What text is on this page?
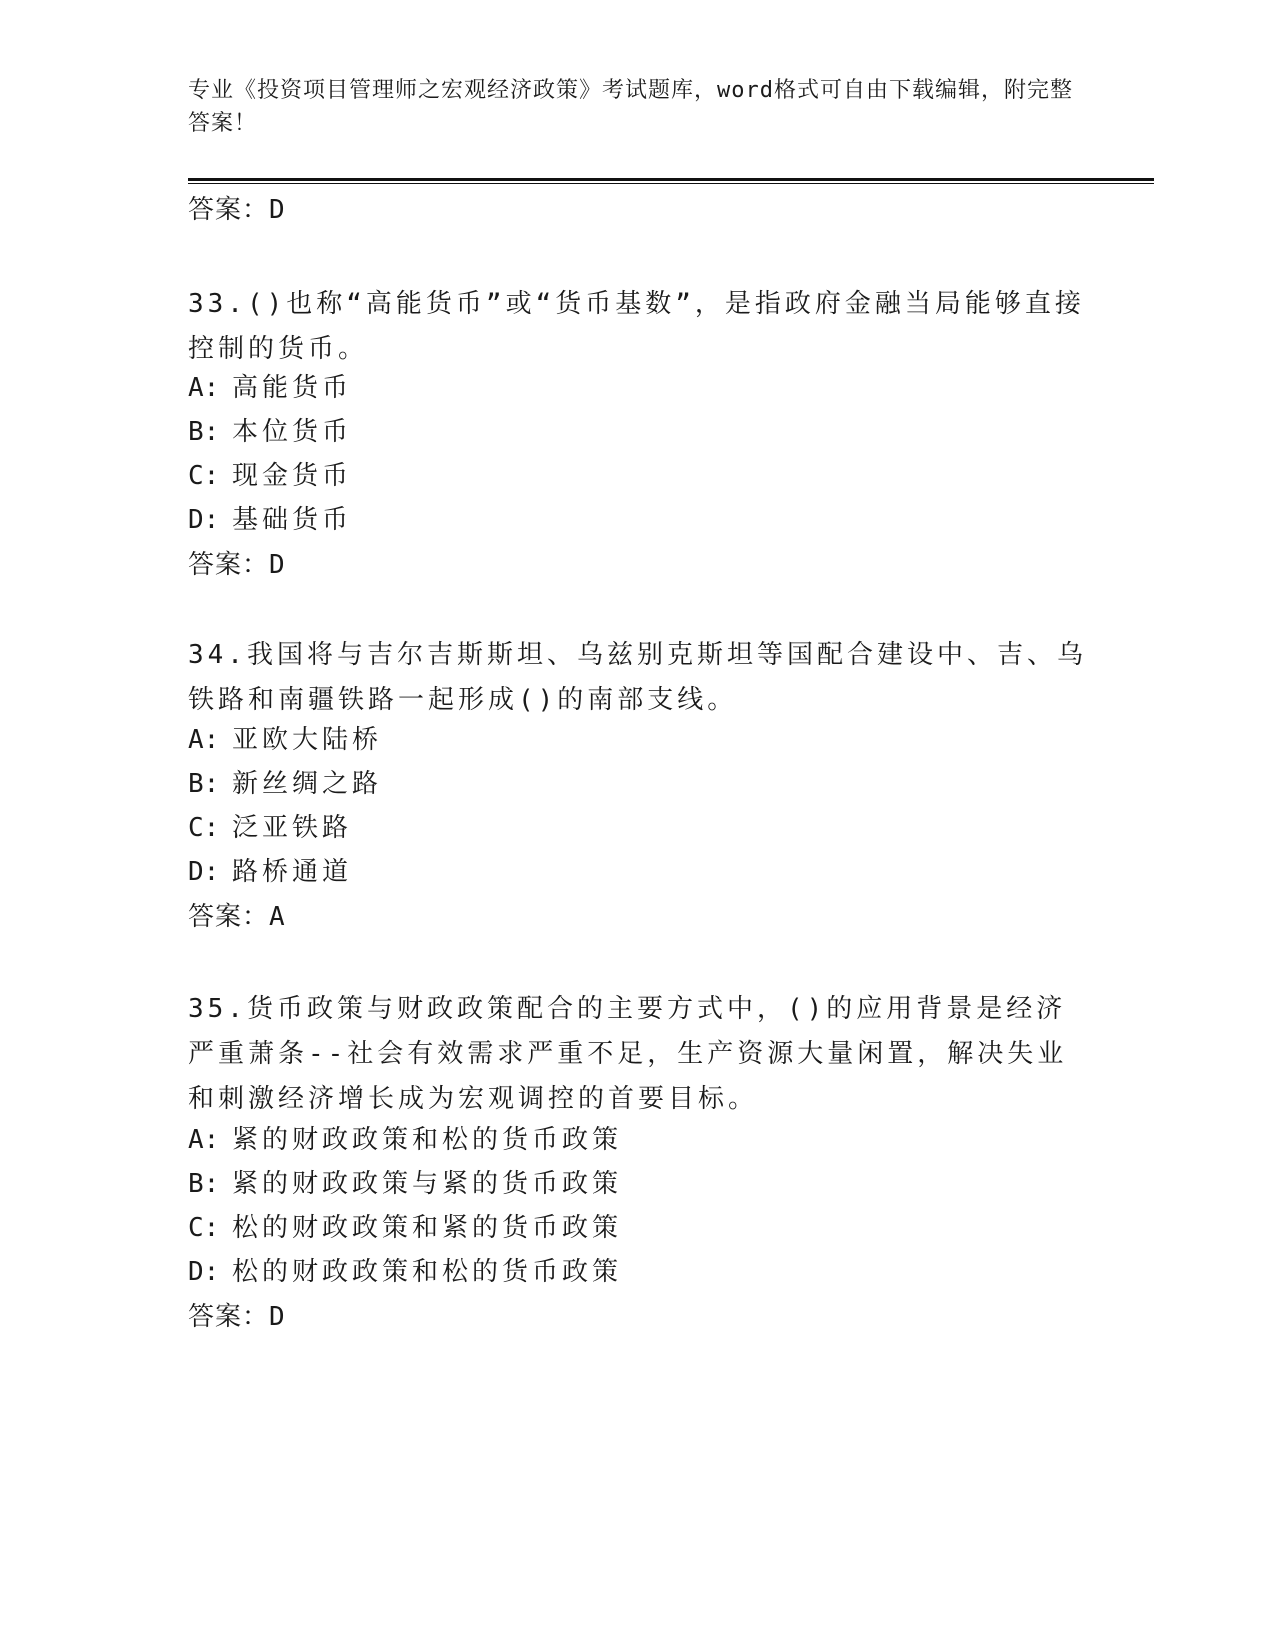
专业《投资项目管理师之宏观经济政策》考试题库，word格式可自由下载编辑，附完整答案！
答案：D
33.()也称“高能货币”或“货币基数”，是指政府金融当局能够直接控制的货币。
A: 高能货币
B: 本位货币
C: 现金货币
D: 基础货币
答案：D
34.我国将与吉尔吉斯斯坦、乌兹别克斯坦等国配合建设中、吉、乌铁路和南疆铁路一起形成()的南部支线。
A: 亚欧大陆桥
B: 新丝绸之路
C: 泛亚铁路
D: 路桥通道
答案：A
35.货币政策与财政政策配合的主要方式中，()的应用背景是经济严重萧条--社会有效需求严重不足，生产资源大量闲置，解决失业和刺激经济增长成为宏观调控的首要目标。
A: 紧的财政政策和松的货币政策
B: 紧的财政政策与紧的货币政策
C: 松的财政政策和紧的货币政策
D: 松的财政政策和松的货币政策
答案：D
